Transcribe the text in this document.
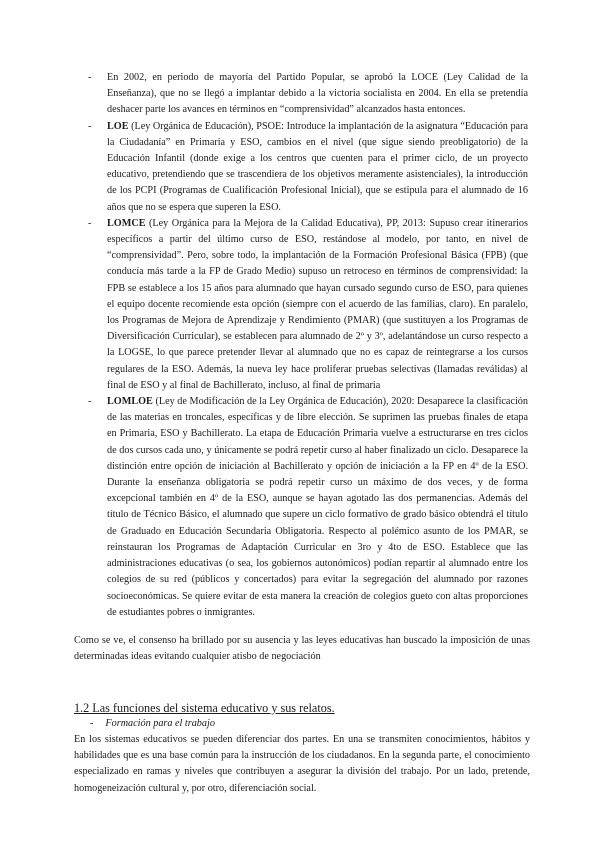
- En 2002, en periodo de mayoría del Partido Popular, se aprobó la LOCE (Ley Calidad de la Enseñanza), que no se llegó a implantar debido a la victoria socialista en 2004. En ella se pretendía deshacer parte los avances en términos en “comprensividad” alcanzados hasta entonces.
- LOE (Ley Orgánica de Educación), PSOE: Introduce la implantación de la asignatura “Educación para la Ciudadanía” en Primaria y ESO, cambios en el nivel (que sigue siendo preobligatorio) de la Educación Infantil (donde exige a los centros que cuenten para el primer ciclo, de un proyecto educativo, pretendiendo que se trascendiera de los objetivos meramente asistenciales), la introducción de los PCPI (Programas de Cualificación Profesional Inicial), que se estipula para el alumnado de 16 años que no se espera que superen la ESO.
- LOMCE (Ley Orgánica para la Mejora de la Calidad Educativa), PP, 2013: Supuso crear itinerarios específicos a partir del último curso de ESO, restándose al modelo, por tanto, en nivel de “comprensividad”. Pero, sobre todo, la implantación de la Formación Profesional Básica (FPB) (que conducía más tarde a la FP de Grado Medio) supuso un retroceso en términos de comprensividad: la FPB se establece a los 15 años para alumnado que hayan cursado segundo curso de ESO, para quienes el equipo docente recomiende esta opción (siempre con el acuerdo de las familias, claro). En paralelo, los Programas de Mejora de Aprendizaje y Rendimiento (PMAR) (que sustituyen a los Programas de Diversificación Curricular), se establecen para alumnado de 2º y 3º, adelantándose un curso respecto a la LOGSE, lo que parece pretender llevar al alumnado que no es capaz de reintegrarse a los cursos regulares de la ESO. Además, la nueva ley hace proliferar pruebas selectivas (llamadas reválidas) al final de ESO y al final de Bachillerato, incluso, al final de primaria
- LOMLOE (Ley de Modificación de la Ley Orgánica de Educación), 2020: Desaparece la clasificación de las materias en troncales, específicas y de libre elección. Se suprimen las pruebas finales de etapa en Primaria, ESO y Bachillerato. La etapa de Educación Primaria vuelve a estructurarse en tres ciclos de dos cursos cada uno, y únicamente se podrá repetir curso al haber finalizado un ciclo. Desaparece la distinción entre opción de iniciación al Bachillerato y opción de iniciación a la FP en 4º de la ESO. Durante la enseñanza obligatoria se podrá repetir curso un máximo de dos veces, y de forma excepcional también en 4º de la ESO, aunque se hayan agotado las dos permanencias. Además del título de Técnico Básico, el alumnado que supere un ciclo formativo de grado básico obtendrá el título de Graduado en Educación Secundaria Obligatoria. Respecto al polémico asunto de los PMAR, se reinstauran los Programas de Adaptación Curricular en 3ro y 4to de ESO. Establece que las administraciones educativas (o sea, los gobiernos autonómicos) podían repartir al alumnado entre los colegios de su red (públicos y concertados) para evitar la segregación del alumnado por razones socioeconómicas. Se quiere evitar de esta manera la creación de colegios gueto con altas proporciones de estudiantes pobres o inmigrantes.
Como se ve, el consenso ha brillado por su ausencia y las leyes educativas han buscado la imposición de unas determinadas ideas evitando cualquier atisbo de negociación
1.2 Las funciones del sistema educativo y sus relatos.
- Formación para el trabajo
En los sistemas educativos se pueden diferenciar dos partes. En una se transmiten conocimientos, hábitos y habilidades que es una base común para la instrucción de los ciudadanos. En la segunda parte, el conocimiento especializado en ramas y niveles que contribuyen a asegurar la división del trabajo. Por un lado, pretende, homogeneización cultural y, por otro, diferenciación social.
